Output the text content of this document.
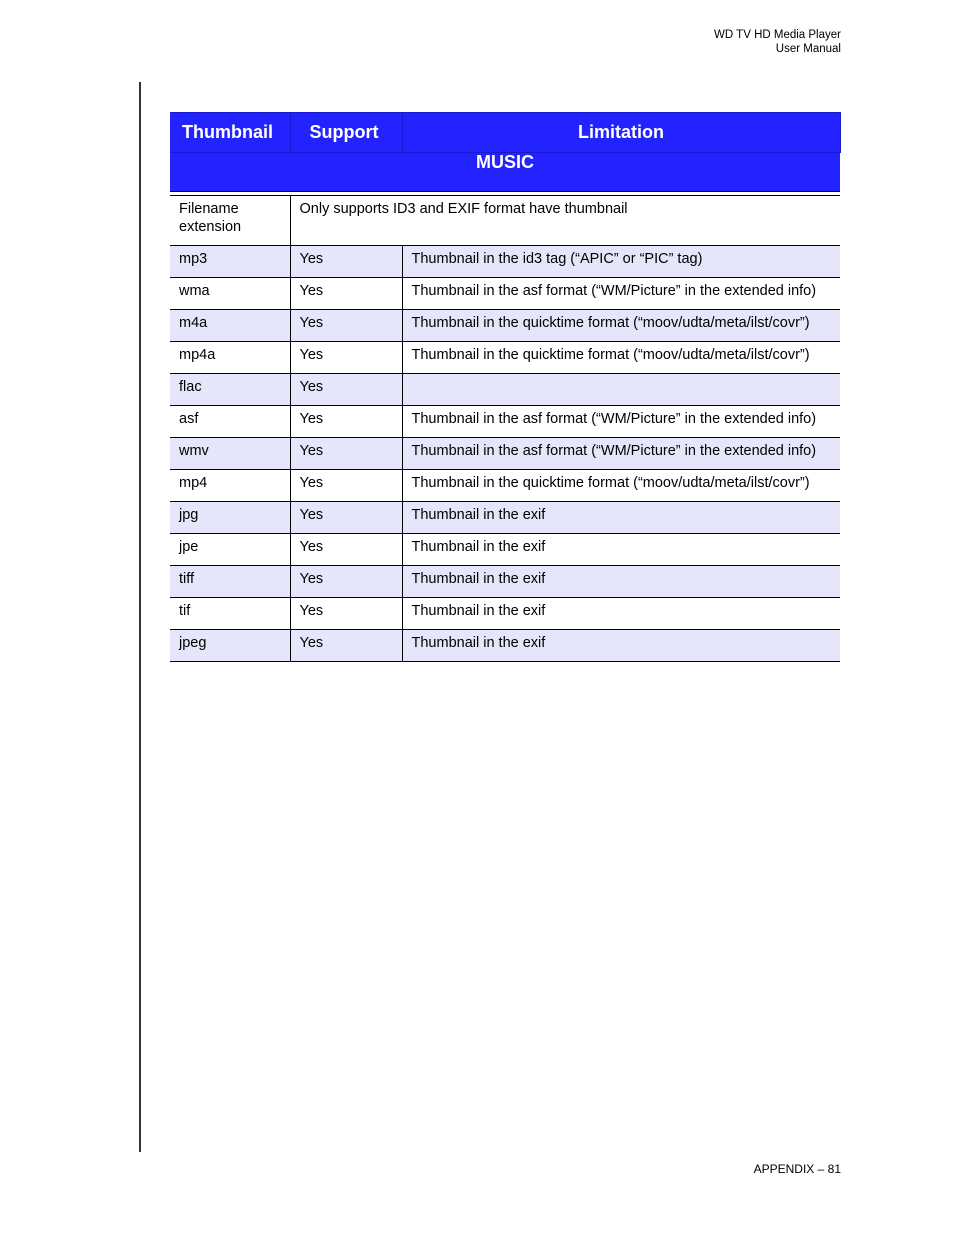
WD TV HD Media Player
User Manual
Thumbnail	Support	Limitation
MUSIC		

Filename extension	Only supports ID3 and EXIF format have thumbnail	
mp3	Yes	Thumbnail in the id3 tag (“APIC” or “PIC” tag)
wma	Yes	Thumbnail in the asf format (“WM/Picture” in the extended info)
m4a	Yes	Thumbnail in the quicktime format (“moov/udta/meta/ilst/covr”)
mp4a	Yes	Thumbnail in the quicktime format (“moov/udta/meta/ilst/covr”)
flac	Yes	
asf	Yes	Thumbnail in the asf format (“WM/Picture” in the extended info)
wmv	Yes	Thumbnail in the asf format (“WM/Picture” in the extended info)
mp4	Yes	Thumbnail in the quicktime format (“moov/udta/meta/ilst/covr”)
jpg	Yes	Thumbnail in the exif
jpe	Yes	Thumbnail in the exif
tiff	Yes	Thumbnail in the exif
tif	Yes	Thumbnail in the exif
jpeg	Yes	Thumbnail in the exif
APPENDIX – 81
